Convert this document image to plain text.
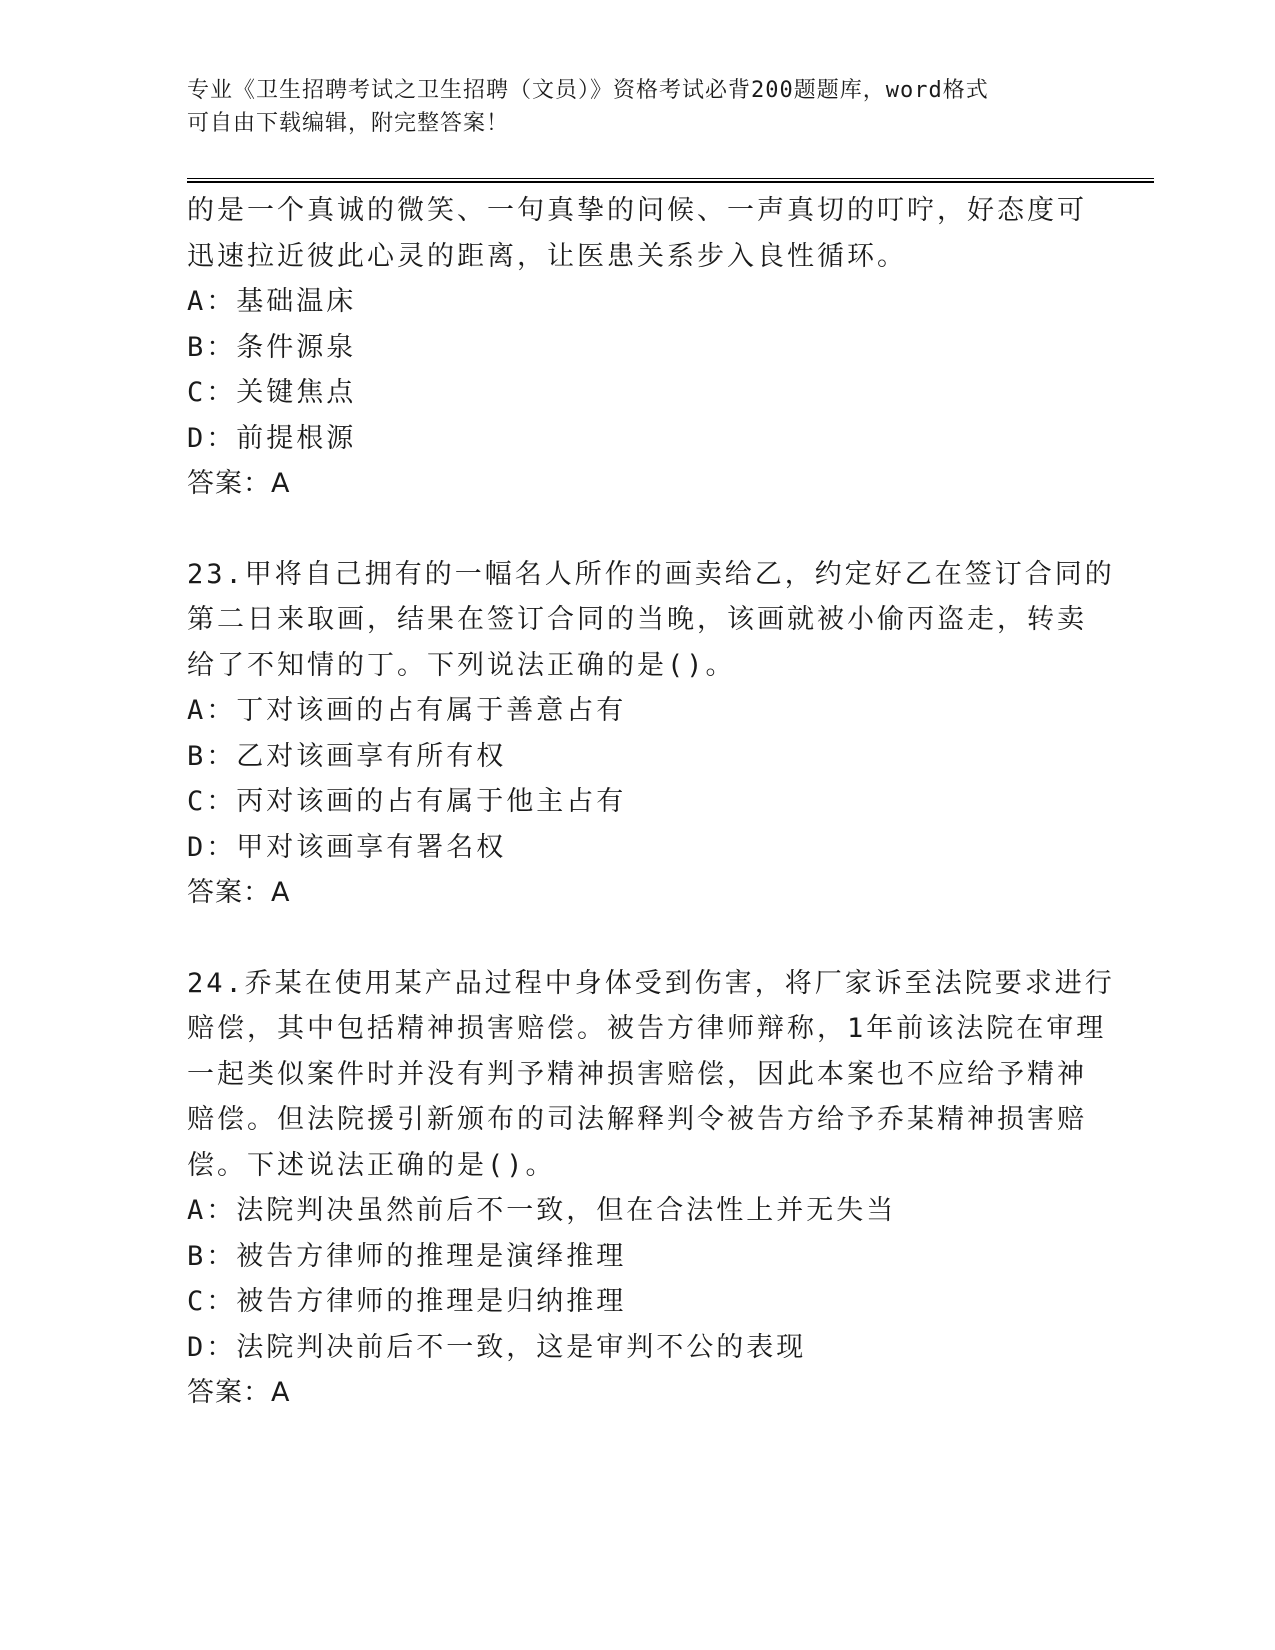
专业《卫生招聘考试之卫生招聘（文员）》资格考试必背200题题库，word格式
可自由下载编辑，附完整答案！
的是一个真诚的微笑、一句真挚的问候、一声真切的叮咛，好态度可
迅速拉近彼此心灵的距离，让医患关系步入良性循环。
A：基础温床
B：条件源泉
C：关键焦点
D：前提根源
答案：A
23.甲将自己拥有的一幅名人所作的画卖给乙，约定好乙在签订合同的
第二日来取画，结果在签订合同的当晚，该画就被小偷丙盗走，转卖
给了不知情的丁。下列说法正确的是()。
A：丁对该画的占有属于善意占有
B：乙对该画享有所有权
C：丙对该画的占有属于他主占有
D：甲对该画享有署名权
答案：A
24.乔某在使用某产品过程中身体受到伤害，将厂家诉至法院要求进行
赔偿，其中包括精神损害赔偿。被告方律师辩称，1年前该法院在审理
一起类似案件时并没有判予精神损害赔偿，因此本案也不应给予精神
赔偿。但法院援引新颁布的司法解释判令被告方给予乔某精神损害赔
偿。下述说法正确的是()。
A：法院判决虽然前后不一致，但在合法性上并无失当
B：被告方律师的推理是演绎推理
C：被告方律师的推理是归纳推理
D：法院判决前后不一致，这是审判不公的表现
答案：A
